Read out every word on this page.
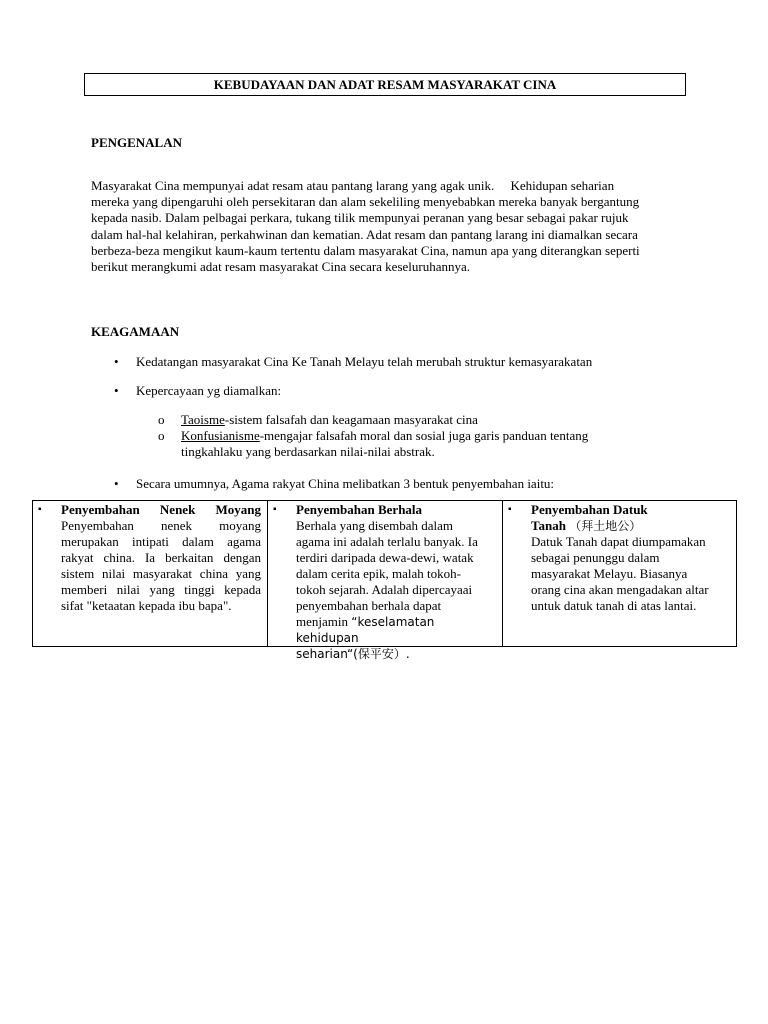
KEBUDAYAAN DAN ADAT RESAM MASYARAKAT CINA
PENGENALAN
Masyarakat Cina mempunyai adat resam atau pantang larang yang agak unik.     Kehidupan seharian
mereka yang dipengaruhi oleh persekitaran dan alam sekeliling menyebabkan mereka banyak bergantung
kepada nasib. Dalam pelbagai perkara, tukang tilik mempunyai peranan yang besar sebagai pakar rujuk
dalam hal-hal kelahiran, perkahwinan dan kematian. Adat resam dan pantang larang ini diamalkan secara
berbeza-beza mengikut kaum-kaum tertentu dalam masyarakat Cina, namun apa yang diterangkan seperti
berikut merangkumi adat resam masyarakat Cina secara keseluruhannya.
KEAGAMAAN
• Kedatangan masyarakat Cina Ke Tanah Melayu telah merubah struktur kemasyarakatan
• Kepercayaan yg diamalkan:
o Taoisme-sistem falsafah dan keagamaan masyarakat cina
o Konfusianisme-mengajar falsafah moral dan sosial juga garis panduan tentang
tingkahlaku yang berdasarkan nilai-nilai abstrak.
• Secara umumnya, Agama rakyat China melibatkan 3 bentuk penyembahan iaitu:
▪ Penyembahan Nenek Moyang
Penyembahan nenek moyang merupakan intipati dalam agama rakyat china. Ia berkaitan dengan sistem nilai masyarakat china yang memberi nilai yang tinggi kepada sifat "ketaatan kepada ibu bapa".
▪ Penyembahan Berhala
Berhala yang disembah dalam
agama ini adalah terlalu banyak. Ia
terdiri daripada dewa-dewi, watak
dalam cerita epik, malah tokoh-
tokoh sejarah. Adalah dipercayaai
penyembahan berhala dapat
menjamin “keselamatan kehidupan
seharian“(保平安）.
▪ Penyembahan Datuk
Tanah （拜土地公）
Datuk Tanah dapat diumpamakan
sebagai penunggu dalam
masyarakat Melayu. Biasanya
orang cina akan mengadakan altar
untuk datuk tanah di atas lantai.
